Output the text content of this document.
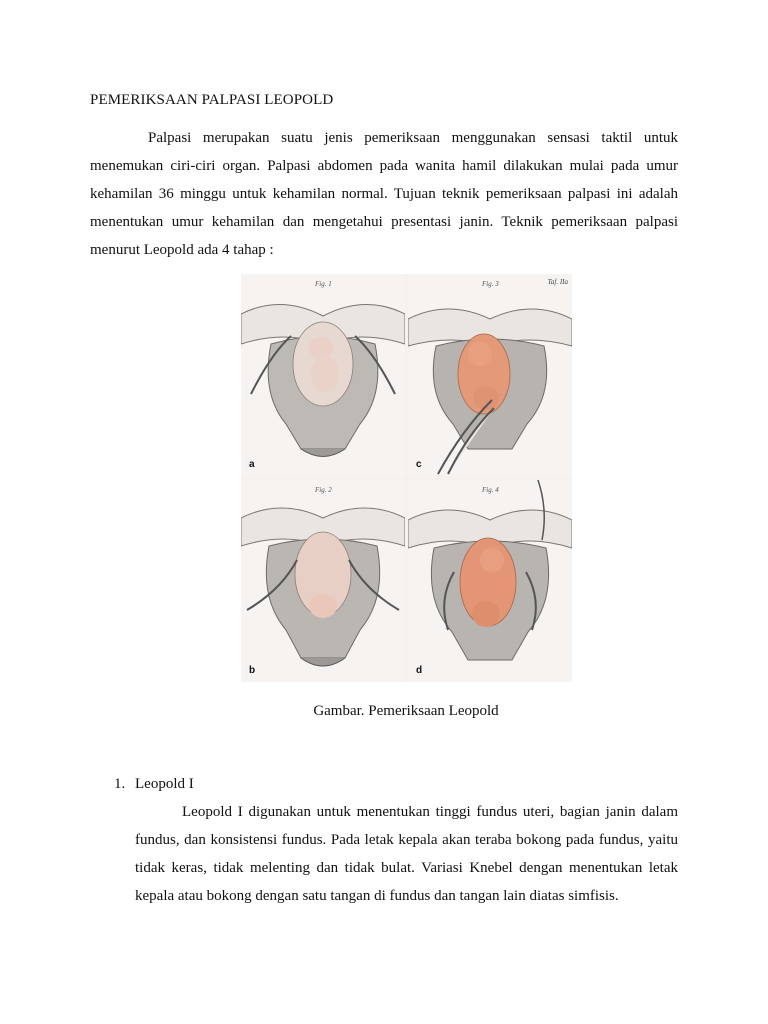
PEMERIKSAAN PALPASI LEOPOLD

Palpasi merupakan suatu jenis pemeriksaan menggunakan sensasi taktil untuk menemukan ciri-ciri organ. Palpasi abdomen pada wanita hamil dilakukan mulai pada umur kehamilan 36 minggu untuk kehamilan normal. Tujuan teknik pemeriksaan palpasi ini adalah menentukan umur kehamilan dan mengetahui presentasi janin. Teknik pemeriksaan palpasi menurut Leopold ada 4 tahap :

Fig. 1
a
Fig. 3	Taf. IIa
c
Fig. 2
b
Fig. 4
d
Gambar. Pemeriksaan Leopold
1. Leopold I

Leopold I digunakan untuk menentukan tinggi fundus uteri, bagian janin dalam fundus, dan konsistensi fundus. Pada letak kepala akan teraba bokong pada fundus, yaitu tidak keras, tidak melenting dan tidak bulat. Variasi Knebel dengan menentukan letak kepala atau bokong dengan satu tangan di fundus dan tangan lain diatas simfisis.
